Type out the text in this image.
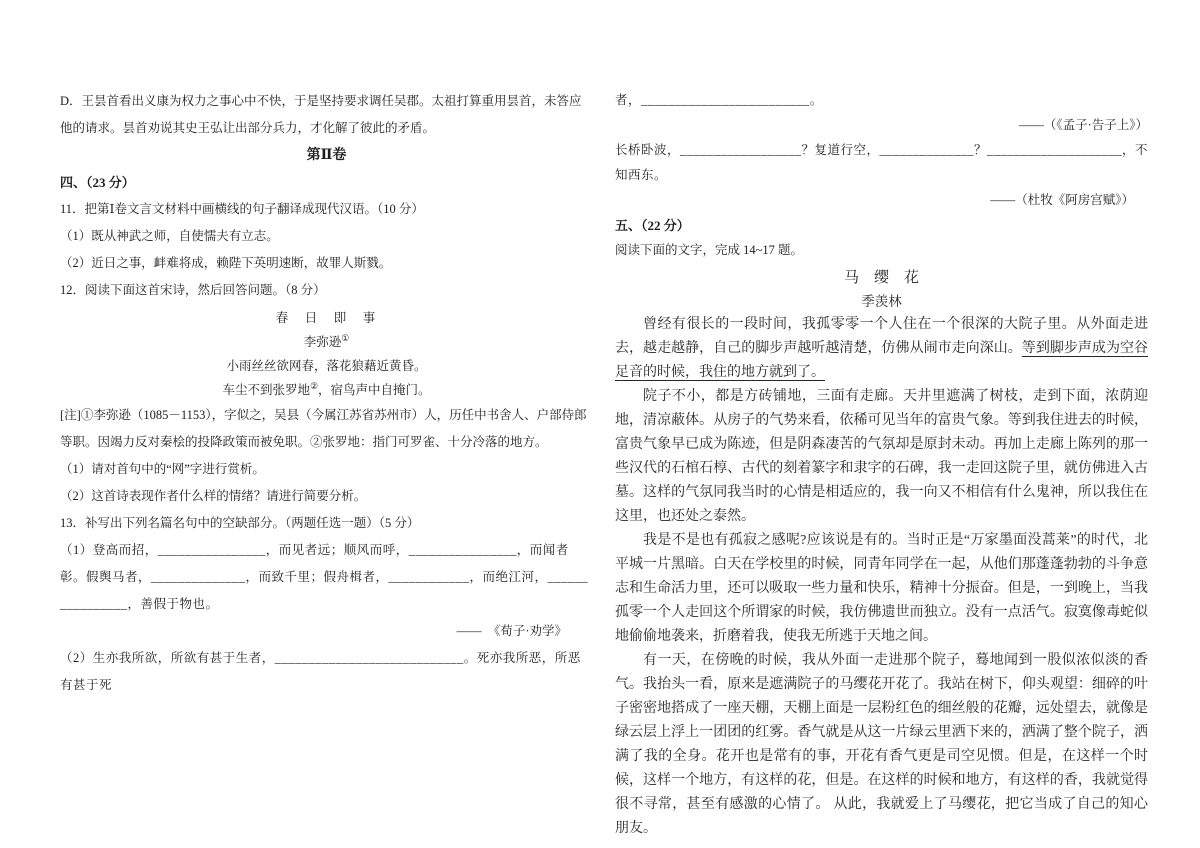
D．王昙首看出义康为权力之事心中不快，于是坚持要求调任吴郡。太祖打算重用昙首，未答应他的请求。昙首劝说其史王弘让出部分兵力，才化解了彼此的矛盾。

第Ⅱ卷

四、（23 分）

11．把第Ⅰ卷文言文材料中画横线的句子翻译成现代汉语。（10 分）

（1）既从神武之师，自使懦夫有立志。

（2）近日之事，衅难将成，赖陛下英明速断，故罪人斯戮。

12．阅读下面这首宋诗，然后回答问题。（8 分）

春　日　即　事

李弥逊①

小雨丝丝欲网春，落花狼藉近黄昏。

车尘不到张罗地②，宿鸟声中自掩门。

[注]①李弥逊（1085－1153），字似之，吴县（今属江苏省苏州市）人，历任中书舍人、户部侍郎等职。因竭力反对秦桧的投降政策而被免职。②张罗地：指门可罗雀、十分冷落的地方。

（1）请对首句中的“网”字进行赏析。

（2）这首诗表现作者什么样的情绪？请进行简要分析。

13．补写出下列名篇名句中的空缺部分。（两题任选一题）（5 分）

（1）登高而招，________________，而见者远；顺风而呼，________________，而闻者彰。假舆马者，______________，而致千里；假舟楫者，____________，而绝江河，________________，善假于物也。

——　《荀子·劝学》

（2）生亦我所欲，所欲有甚于生者，____________________________。死亦我所恶，所恶有甚于死

者，_________________________。

——（《孟子·告子上》）

长桥卧波，__________________？复道行空，______________？____________________，不知西东。

——（杜牧《阿房宫赋》）

五、（22 分）

阅读下面的文字，完成 14~17 题。

马　缨　花

季羡林

曾经有很长的一段时间，我孤零零一个人住在一个很深的大院子里。从外面走进去，越走越静，自己的脚步声越听越清楚，仿佛从闹市走向深山。等到脚步声成为空谷足音的时候，我住的地方就到了。

院子不小，都是方砖铺地，三面有走廊。天井里遮满了树枝，走到下面，浓荫迎地，清凉蔽体。从房子的气势来看，依稀可见当年的富贵气象。等到我住进去的时候，富贵气象早已成为陈迹，但是阴森凄苦的气氛却是原封未动。再加上走廊上陈列的那一些汉代的石棺石椁、古代的刻着篆字和隶字的石碑，我一走回这院子里，就仿佛进入古墓。这样的气氛同我当时的心情是相适应的，我一向又不相信有什么鬼神，所以我住在这里，也还处之泰然。

我是不是也有孤寂之感呢?应该说是有的。当时正是“万家墨面没蒿莱”的时代，北平城一片黑暗。白天在学校里的时候，同青年同学在一起，从他们那蓬蓬勃勃的斗争意志和生命活力里，还可以吸取一些力量和快乐，精神十分振奋。但是，一到晚上，当我孤零一个人走回这个所谓家的时候，我仿佛遗世而独立。没有一点活气。寂寞像毒蛇似地偷偷地袭来，折磨着我，使我无所逃于天地之间。

有一天，在傍晚的时候，我从外面一走进那个院子，蓦地闻到一股似浓似淡的香气。我抬头一看，原来是遮满院子的马缨花开花了。我站在树下，仰头观望：细碎的叶子密密地搭成了一座天棚，天棚上面是一层粉红色的细丝般的花瓣，远处望去，就像是绿云层上浮上一团团的红雾。香气就是从这一片绿云里洒下来的，洒满了整个院子，洒满了我的全身。花开也是常有的事，开花有香气更是司空见惯。但是，在这样一个时候，这样一个地方，有这样的花，但是。在这样的时候和地方，有这样的香，我就觉得很不寻常，甚至有感激的心情了。 从此，我就爱上了马缨花，把它当成了自己的知心朋友。
